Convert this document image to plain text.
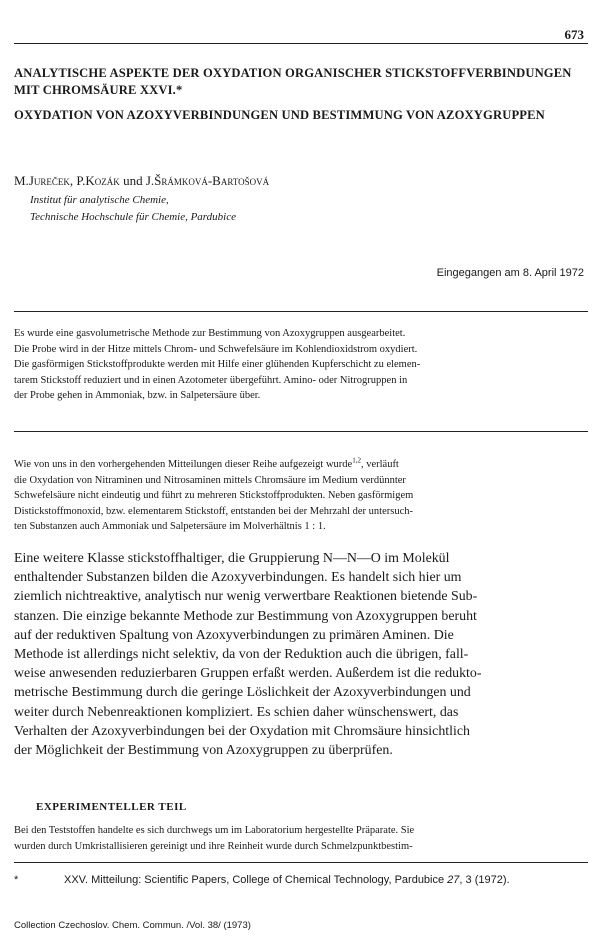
673
ANALYTISCHE ASPEKTE DER OXYDATION ORGANISCHER STICKSTOFFVERBINDUNGEN MIT CHROMSÄURE XXVI.*
OXYDATION VON AZOXYVERBINDUNGEN UND BESTIMMUNG VON AZOXYGRUPPEN
M.Jureček, P.Kozák und J.Šrámková-Bartošová
Institut für analytische Chemie,
Technische Hochschule für Chemie, Pardubice
Eingegangen am 8. April 1972
Es wurde eine gasvolumetrische Methode zur Bestimmung von Azoxygruppen ausgearbeitet.
Die Probe wird in der Hitze mittels Chrom- und Schwefelsäure im Kohlendioxidstrom oxydiert.
Die gasförmigen Stickstoffprodukte werden mit Hilfe einer glühenden Kupferschicht zu elemen-
tarem Stickstoff reduziert und in einen Azotometer übergeführt. Amino- oder Nitrogruppen in
der Probe gehen in Ammoniak, bzw. in Salpetersäure über.
Wie von uns in den vorhergehenden Mitteilungen dieser Reihe aufgezeigt wurde$^{1,2}$, verläuft
die Oxydation von Nitraminen und Nitrosaminen mittels Chromsäure im Medium verdünnter
Schwefelsäure nicht eindeutig und führt zu mehreren Stickstoffprodukten. Neben gasförmigem
Distickstoffmonoxid, bzw. elementarem Stickstoff, entstanden bei der Mehrzahl der untersuch-
ten Substanzen auch Ammoniak und Salpetersäure im Molverhältnis 1 : 1.
Eine weitere Klasse stickstoffhaltiger, die Gruppierung N—N—O im Molekül
enthaltender Substanzen bilden die Azoxyverbindungen. Es handelt sich hier um
ziemlich nichtreaktive, analytisch nur wenig verwertbare Reaktionen bietende Sub-
stanzen. Die einzige bekannte Methode zur Bestimmung von Azoxygruppen beruht
auf der reduktiven Spaltung von Azoxyverbindungen zu primären Aminen. Die
Methode ist allerdings nicht selektiv, da von der Reduktion auch die übrigen, fall-
weise anwesenden reduzierbaren Gruppen erfaßt werden. Außerdem ist die redukto-
metrische Bestimmung durch die geringe Löslichkeit der Azoxyverbindungen und
weiter durch Nebenreaktionen kompliziert. Es schien daher wünschenswert, das
Verhalten der Azoxyverbindungen bei der Oxydation mit Chromsäure hinsichtlich
der Möglichkeit der Bestimmung von Azoxygruppen zu überprüfen.
EXPERIMENTELLER TEIL
Bei den Teststoffen handelte es sich durchwegs um im Laboratorium hergestellte Präparate. Sie
wurden durch Umkristallisieren gereinigt und ihre Reinheit wurde durch Schmelzpunktbestim-
*	XXV. Mitteilung: Scientific Papers, College of Chemical Technology, Pardubice 27, 3 (1972).
Collection Czechoslov. Chem. Commun. /Vol. 38/ (1973)
